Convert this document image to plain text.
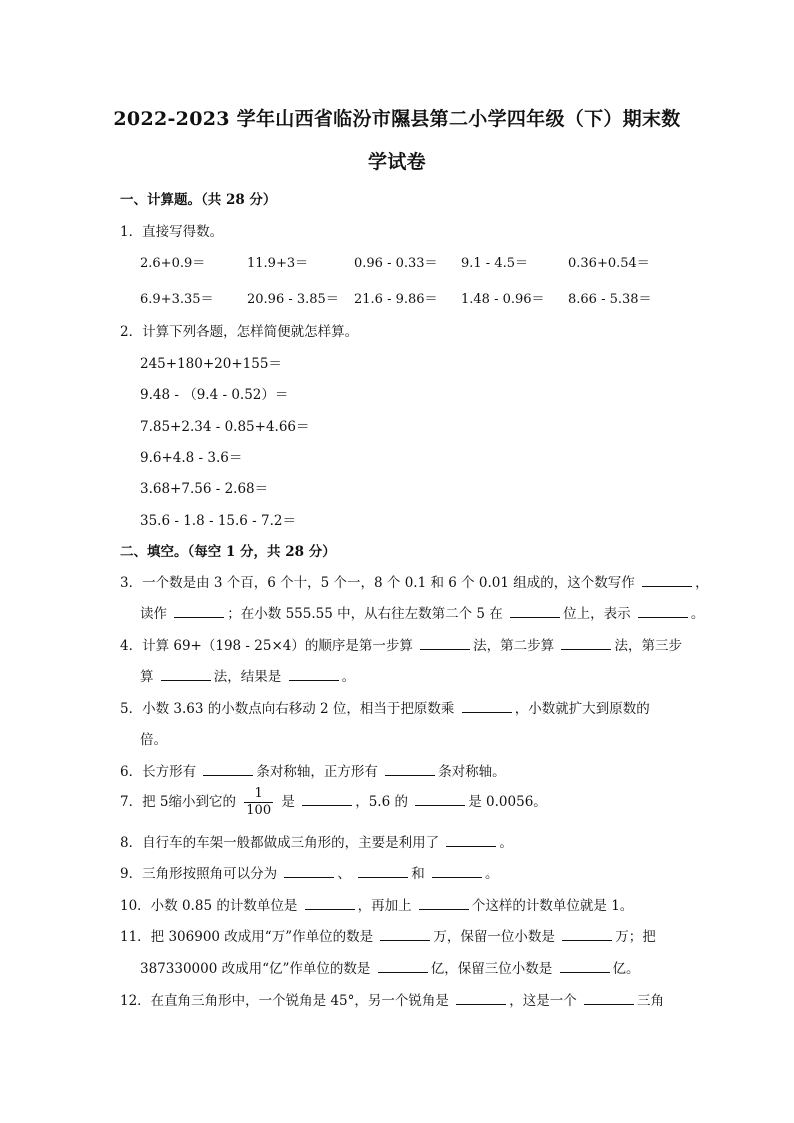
2022-2023 学年山西省临汾市隰县第二小学四年级（下）期末数
学试卷

一、计算题。（共 28 分）

1．直接写得数。

2.6+0.9＝	11.9+3＝	0.96 - 0.33＝	9.1 - 4.5＝	0.36+0.54＝
6.9+3.35＝	20.96 - 3.85＝	21.6 - 9.86＝	1.48 - 0.96＝	8.66 - 5.38＝

2．计算下列各题，怎样简便就怎样算。

245+180+20+155＝

9.48 - （9.4 - 0.52）＝

7.85+2.34 - 0.85+4.66＝

9.6+4.8 - 3.6＝

3.68+7.56 - 2.68＝

35.6 - 1.8 - 15.6 - 7.2＝

二、填空。（每空 1 分，共 28 分）

3．一个数是由 3 个百，6 个十，5 个一，8 个 0.1 和 6 个 0.01 组成的，这个数写作	，

读作	；在小数 555.55 中，从右往左数第二个 5 在	位上，表示	。

4．计算 69+（198 - 25×4）的顺序是第一步算	法，第二步算	法，第三步

算	法，结果是	。

5．小数 3.63 的小数点向右移动 2 位，相当于把原数乘	，小数就扩大到原数的

倍。

6．长方形有	条对称轴，正方形有	条对称轴。

7．把 5缩小到它的 $\frac{1}{100}$ 是	，5.6 的	是 0.0056。

8．自行车的车架一般都做成三角形的，主要是利用了	。

9．三角形按照角可以分为	、	和	。

10．小数 0.85 的计数单位是	，再加上	个这样的计数单位就是 1。

11．把 306900 改成用“万”作单位的数是	万，保留一位小数是	万；把

387330000 改成用“亿”作单位的数是	亿，保留三位小数是	亿。

12．在直角三角形中，一个锐角是 45°，另一个锐角是	，这是一个	三角
